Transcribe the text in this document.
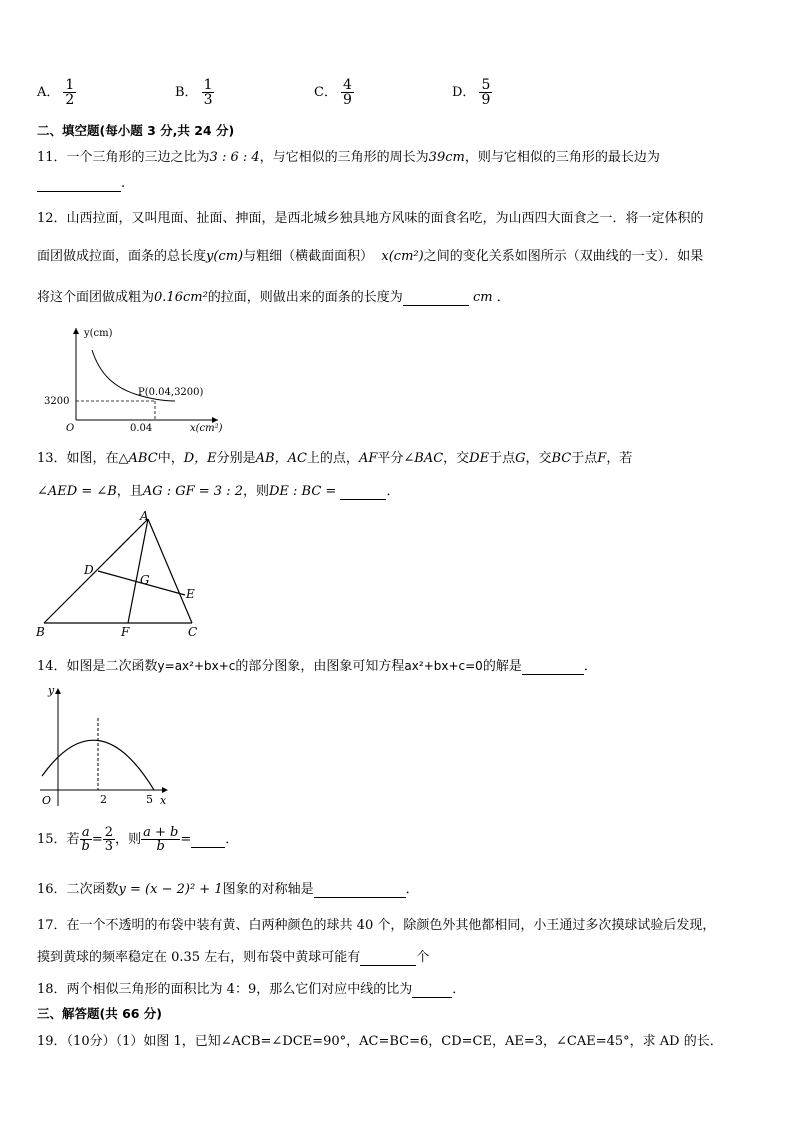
A． $\frac{1}{2}$	B． $\frac{1}{3}$	C． $\frac{4}{9}$	D． $\frac{5}{9}$
二、填空题(每小题 3 分,共 24 分)
11．一个三角形的三边之比为3 : 6 : 4，与它相似的三角形的周长为39cm，则与它相似的三角形的最长边为
.
12．山西拉面，又叫甩面、扯面、抻面，是西北城乡独具地方风味的面食名吃，为山西四大面食之一．将一定体积的
面团做成拉面，面条的总长度y(cm)与粗细（横截面面积） x(cm²)之间的变化关系如图所示（双曲线的一支）．如果
将这个面团做成粗为0.16cm²的拉面，则做出来的面条的长度为	cm ．
y(cm)
x(cm²)
O
3200
0.04
P(0.04,3200)
13．如图，在△ABC中，D，E分别是AB，AC上的点，AF平分∠BAC，交DE于点G，交BC于点F，若
∠AED = ∠B，且AG : GF = 3 : 2，则DE : BC =	．
A
B	C
D
E
F
G
14．如图是二次函数y=ax²+bx+c的部分图象，由图象可知方程ax²+bx+c=0的解是	．
y
x
O	2	5
15．若 $\frac{a}{b} = \frac{2}{3}$ ，则 $\frac{a + b}{b}$ =	．
16．二次函数y = (x − 2)² + 1图象的对称轴是	．
17．在一个不透明的布袋中装有黄、白两种颜色的球共 40 个，除颜色外其他都相同，小王通过多次摸球试验后发现，
摸到黄球的频率稳定在 0.35 左右，则布袋中黄球可能有	个
18．两个相似三角形的面积比为 4：9，那么它们对应中线的比为	．
三、解答题(共 66 分)
19．（10分）（1）如图 1，已知∠ACB=∠DCE=90°，AC=BC=6，CD=CE，AE=3，∠CAE=45°，求 AD 的长．
